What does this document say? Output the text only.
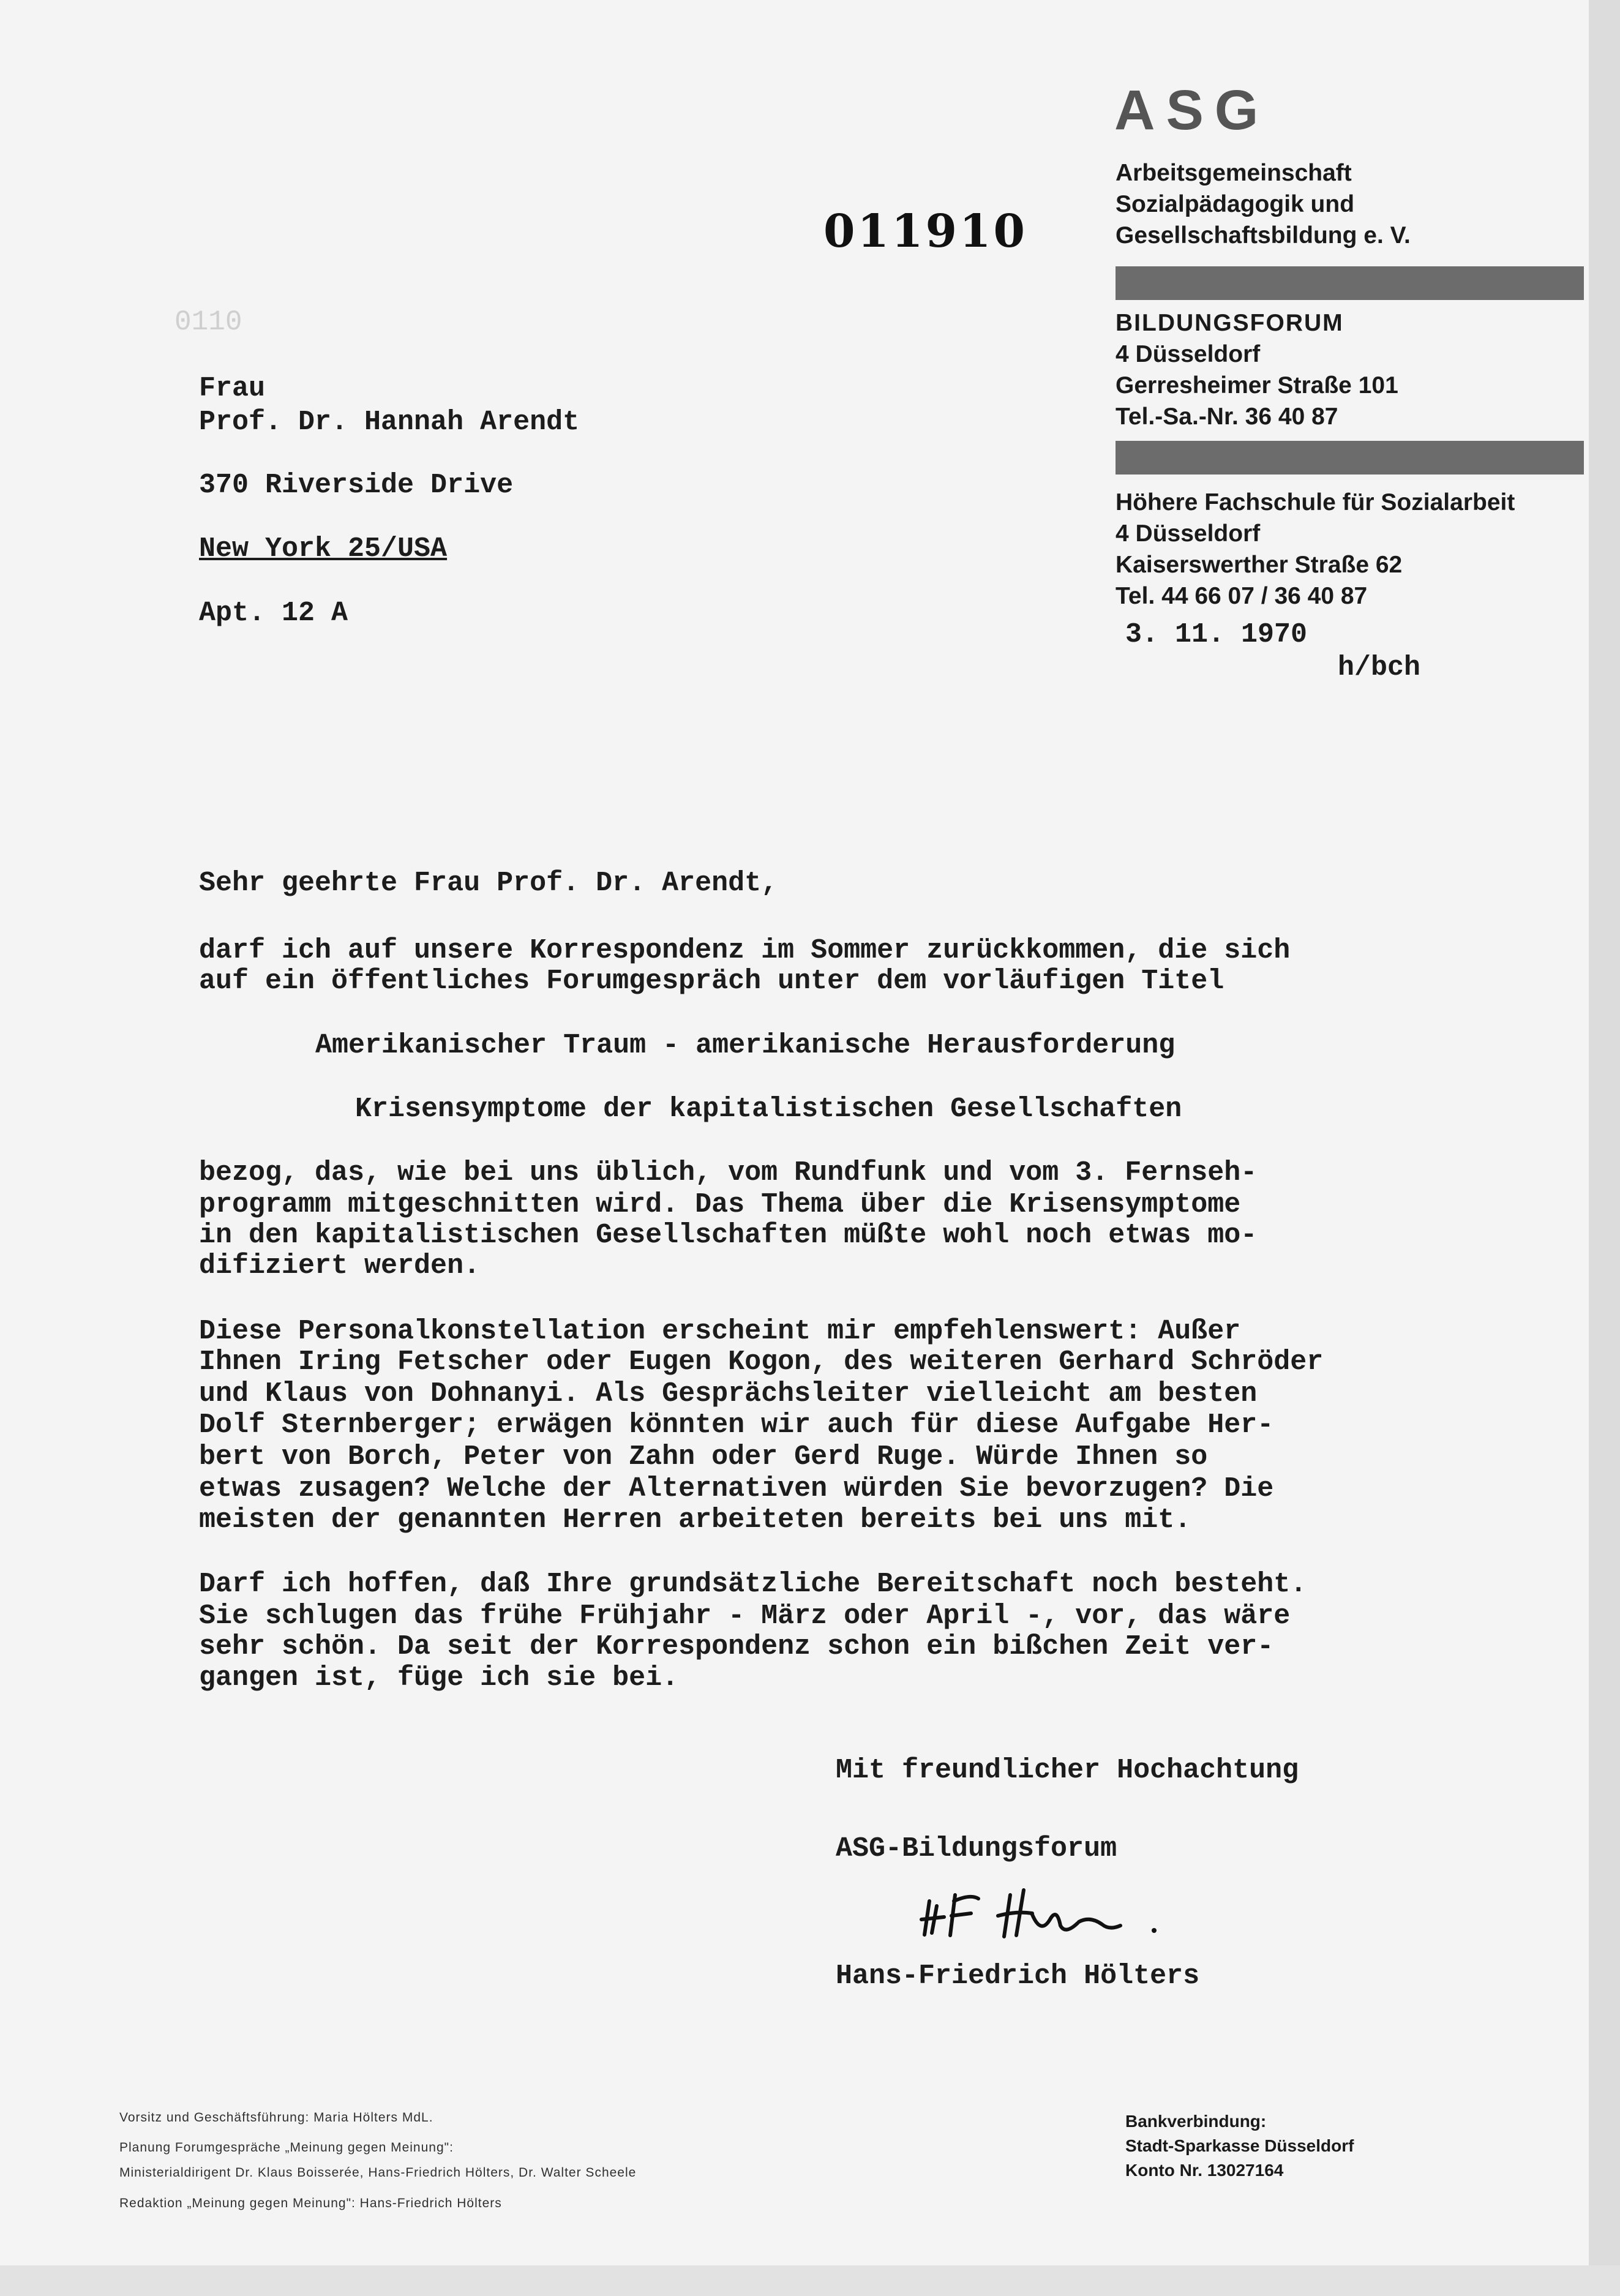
ASG
Arbeitsgemeinschaft
Sozialpädagogik und
Gesellschaftsbildung e. V.
BILDUNGSFORUM
4 Düsseldorf
Gerresheimer Straße 101
Tel.-Sa.-Nr. 36 40 87
Höhere Fachschule für Sozialarbeit
4 Düsseldorf
Kaiserswerther Straße 62
Tel. 44 66 07 / 36 40 87
011910
0110
3. 11. 1970
h/bch
Frau
Prof. Dr. Hannah Arendt
370 Riverside Drive
New York 25/USA
Apt. 12 A
Sehr geehrte Frau Prof. Dr. Arendt,
darf ich auf unsere Korrespondenz im Sommer zurückkommen, die sich
auf ein öffentliches Forumgespräch unter dem vorläufigen Titel
Amerikanischer Traum - amerikanische Herausforderung
Krisensymptome der kapitalistischen Gesellschaften
bezog, das, wie bei uns üblich, vom Rundfunk und vom 3. Fernseh-
programm mitgeschnitten wird. Das Thema über die Krisensymptome
in den kapitalistischen Gesellschaften müßte wohl noch etwas mo-
difiziert werden.
Diese Personalkonstellation erscheint mir empfehlenswert: Außer
Ihnen Iring Fetscher oder Eugen Kogon, des weiteren Gerhard Schröder
und Klaus von Dohnanyi. Als Gesprächsleiter vielleicht am besten
Dolf Sternberger; erwägen könnten wir auch für diese Aufgabe Her-
bert von Borch, Peter von Zahn oder Gerd Ruge. Würde Ihnen so
etwas zusagen? Welche der Alternativen würden Sie bevorzugen? Die
meisten der genannten Herren arbeiteten bereits bei uns mit.
Darf ich hoffen, daß Ihre grundsätzliche Bereitschaft noch besteht.
Sie schlugen das frühe Frühjahr - März oder April -, vor, das wäre
sehr schön. Da seit der Korrespondenz schon ein bißchen Zeit ver-
gangen ist, füge ich sie bei.
Mit freundlicher Hochachtung
ASG-Bildungsforum
Hans-Friedrich Hölters
Vorsitz und Geschäftsführung: Maria Hölters MdL.
Planung Forumgespräche „Meinung gegen Meinung":
Ministerialdirigent Dr. Klaus Boisserée, Hans-Friedrich Hölters, Dr. Walter Scheele
Redaktion „Meinung gegen Meinung": Hans-Friedrich Hölters
Bankverbindung:
Stadt-Sparkasse Düsseldorf
Konto Nr. 13027164
